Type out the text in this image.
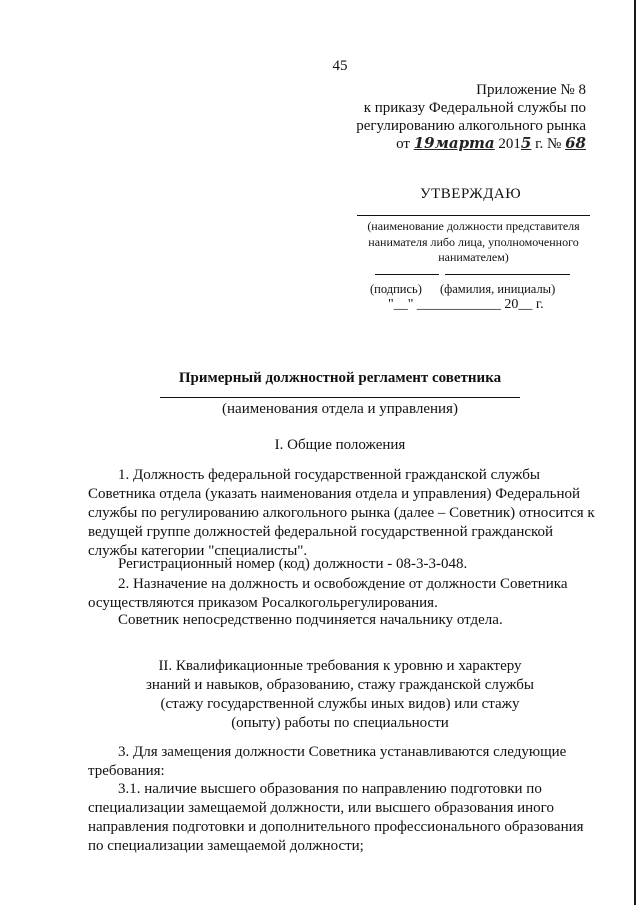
45
Приложение № 8
к приказу Федеральной службы по
регулированию алкогольного рынка
от 19марта 2015 г. № 68
УТВЕРЖДАЮ
(наименование должности представителя
нанимателя либо лица, уполномоченного
нанимателем)
(подпись) (фамилия, инициалы)
"__" ____________ 20__ г.
Примерный должностной регламент советника
(наименования отдела и управления)
I. Общие положения
1. Должность федеральной государственной гражданской службы
Советника отдела (указать наименования отдела и управления) Федеральной
службы по регулированию алкогольного рынка (далее – Советник) относится к
ведущей группе должностей федеральной государственной гражданской
службы категории "специалисты".
Регистрационный номер (код) должности - 08-3-3-048.
2. Назначение на должность и освобождение от должности Советника
осуществляются приказом Росалкогольрегулирования.
Советник непосредственно подчиняется начальнику отдела.
II. Квалификационные требования к уровню и характеру
знаний и навыков, образованию, стажу гражданской службы
(стажу государственной службы иных видов) или стажу
(опыту) работы по специальности
3. Для замещения должности Советника устанавливаются следующие
требования:
3.1. наличие высшего образования по направлению подготовки по
специализации замещаемой должности, или высшего образования иного
направления подготовки и дополнительного профессионального образования
по специализации замещаемой должности;
